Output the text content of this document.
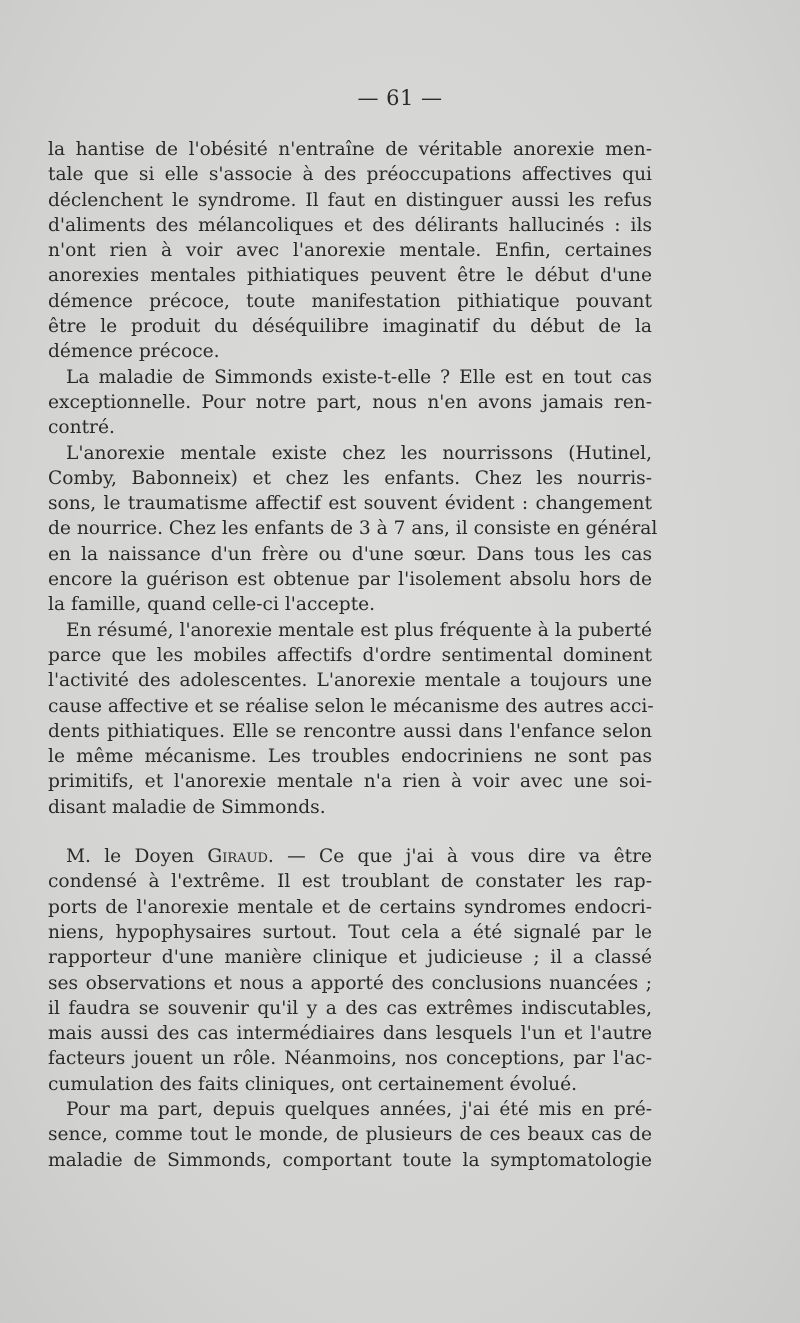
— 61 —
la hantise de l'obésité n'entraîne de véritable anorexie men-
tale que si elle s'associe à des préoccupations affectives qui
déclenchent le syndrome. Il faut en distinguer aussi les refus
d'aliments des mélancoliques et des délirants hallucinés : ils
n'ont rien à voir avec l'anorexie mentale. Enfin, certaines
anorexies mentales pithiatiques peuvent être le début d'une
démence précoce, toute manifestation pithiatique pouvant
être le produit du déséquilibre imaginatif du début de la
démence précoce.
La maladie de Simmonds existe-t-elle ? Elle est en tout cas
exceptionnelle. Pour notre part, nous n'en avons jamais ren-
contré.
L'anorexie mentale existe chez les nourrissons (Hutinel,
Comby, Babonneix) et chez les enfants. Chez les nourris-
sons, le traumatisme affectif est souvent évident : changement
de nourrice. Chez les enfants de 3 à 7 ans, il consiste en général
en la naissance d'un frère ou d'une sœur. Dans tous les cas
encore la guérison est obtenue par l'isolement absolu hors de
la famille, quand celle-ci l'accepte.
En résumé, l'anorexie mentale est plus fréquente à la puberté
parce que les mobiles affectifs d'ordre sentimental dominent
l'activité des adolescentes. L'anorexie mentale a toujours une
cause affective et se réalise selon le mécanisme des autres acci-
dents pithiatiques. Elle se rencontre aussi dans l'enfance selon
le même mécanisme. Les troubles endocriniens ne sont pas
primitifs, et l'anorexie mentale n'a rien à voir avec une soi-
disant maladie de Simmonds.
M. le Doyen Giraud. — Ce que j'ai à vous dire va être
condensé à l'extrême. Il est troublant de constater les rap-
ports de l'anorexie mentale et de certains syndromes endocri-
niens, hypophysaires surtout. Tout cela a été signalé par le
rapporteur d'une manière clinique et judicieuse ; il a classé
ses observations et nous a apporté des conclusions nuancées ;
il faudra se souvenir qu'il y a des cas extrêmes indiscutables,
mais aussi des cas intermédiaires dans lesquels l'un et l'autre
facteurs jouent un rôle. Néanmoins, nos conceptions, par l'ac-
cumulation des faits cliniques, ont certainement évolué.
Pour ma part, depuis quelques années, j'ai été mis en pré-
sence, comme tout le monde, de plusieurs de ces beaux cas de
maladie de Simmonds, comportant toute la symptomatologie
